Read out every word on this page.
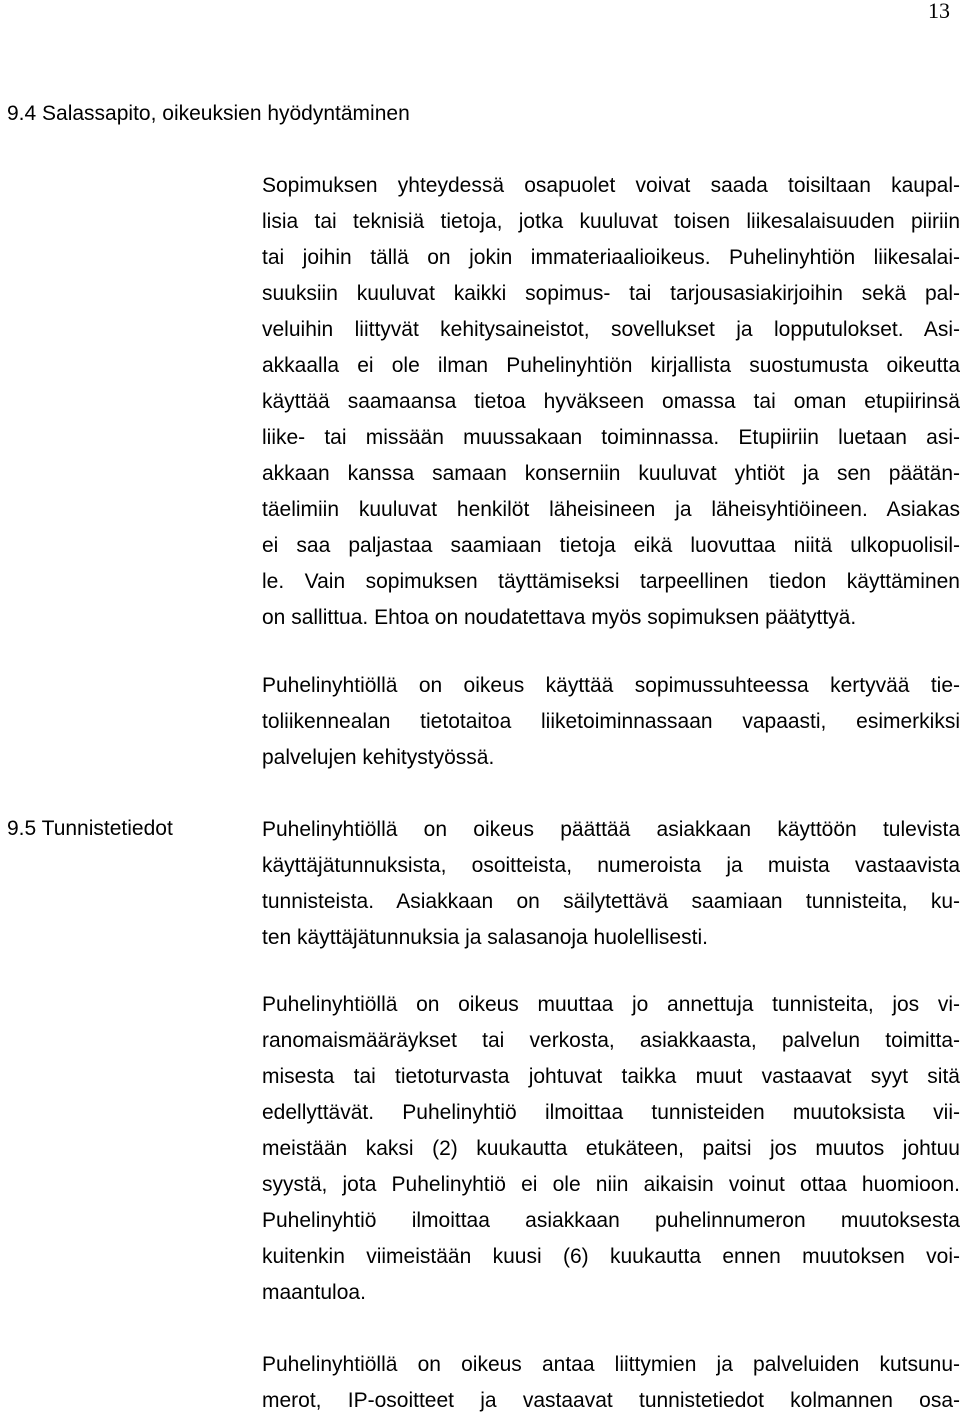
13
9.4 Salassapito, oikeuksien hyödyntäminen
Sopimuksen yhteydessä osapuolet voivat saada toisiltaan kaupal-
lisia tai teknisiä tietoja, jotka kuuluvat toisen liikesalaisuuden piiriin
tai joihin tällä on jokin immateriaalioikeus. Puhelinyhtiön liikesalai-
suuksiin kuuluvat kaikki sopimus- tai tarjousasiakirjoihin sekä pal-
veluihin liittyvät kehitysaineistot, sovellukset ja lopputulokset. Asi-
akkaalla ei ole ilman Puhelinyhtiön kirjallista suostumusta oikeutta
käyttää saamaansa tietoa hyväkseen omassa tai oman etupiirinsä
liike- tai missään muussakaan toiminnassa. Etupiiriin luetaan asi-
akkaan kanssa samaan konserniin kuuluvat yhtiöt ja sen päätän-
täelimiin kuuluvat henkilöt läheisineen ja läheisyhtiöineen. Asiakas
ei saa paljastaa saamiaan tietoja eikä luovuttaa niitä ulkopuolisil-
le. Vain sopimuksen täyttämiseksi tarpeellinen tiedon käyttäminen
on sallittua. Ehtoa on noudatettava myös sopimuksen päätyttyä.
Puhelinyhtiöllä on oikeus käyttää sopimussuhteessa kertyvää tie-
toliikennealan tietotaitoa liiketoiminnassaan vapaasti, esimerkiksi
palvelujen kehitystyössä.
9.5 Tunnistetiedot	Puhelinyhtiöllä on oikeus päättää asiakkaan käyttöön tulevista
käyttäjätunnuksista, osoitteista, numeroista ja muista vastaavista
tunnisteista. Asiakkaan on säilytettävä saamiaan tunnisteita, ku-
ten käyttäjätunnuksia ja salasanoja huolellisesti.
Puhelinyhtiöllä on oikeus muuttaa jo annettuja tunnisteita, jos vi-
ranomaismääräykset tai verkosta, asiakkaasta, palvelun toimitta-
misesta tai tietoturvasta johtuvat taikka muut vastaavat syyt sitä
edellyttävät. Puhelinyhtiö ilmoittaa tunnisteiden muutoksista vii-
meistään kaksi (2) kuukautta etukäteen, paitsi jos muutos johtuu
syystä, jota Puhelinyhtiö ei ole niin aikaisin voinut ottaa huomioon.
Puhelinyhtiö ilmoittaa asiakkaan puhelinnumeron muutoksesta
kuitenkin viimeistään kuusi (6) kuukautta ennen muutoksen voi-
maantuloa.
Puhelinyhtiöllä on oikeus antaa liittymien ja palveluiden kutsunu-
merot, IP-osoitteet ja vastaavat tunnistetiedot kolmannen osa-
